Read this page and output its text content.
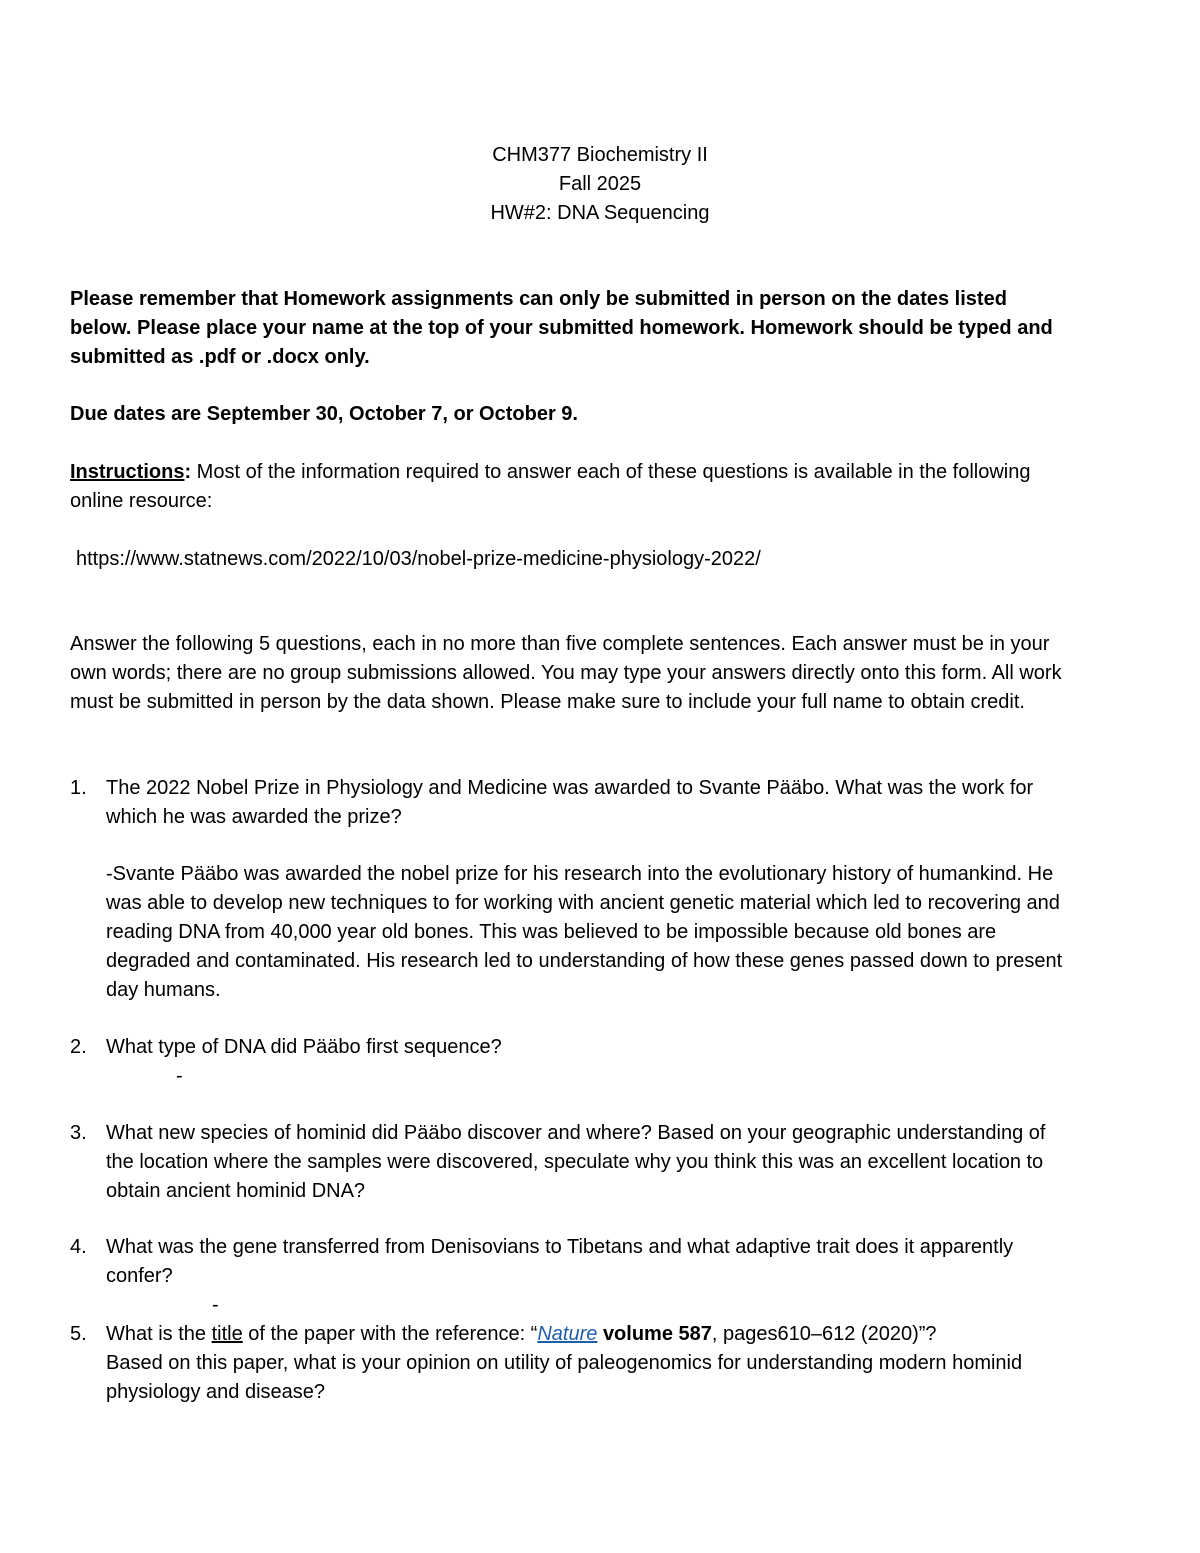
CHM377 Biochemistry II
Fall 2025
HW#2: DNA Sequencing
Please remember that Homework assignments can only be submitted in person on the dates listed below. Please place your name at the top of your submitted homework. Homework should be typed and submitted as .pdf or .docx only.
Due dates are September 30, October 7, or October 9.
Instructions: Most of the information required to answer each of these questions is available in the following online resource:
https://www.statnews.com/2022/10/03/nobel-prize-medicine-physiology-2022/
Answer the following 5 questions, each in no more than five complete sentences. Each answer must be in your own words; there are no group submissions allowed. You may type your answers directly onto this form. All work must be submitted in person by the data shown. Please make sure to include your full name to obtain credit.
1. The 2022 Nobel Prize in Physiology and Medicine was awarded to Svante Pääbo. What was the work for which he was awarded the prize?
-Svante Pääbo was awarded the nobel prize for his research into the evolutionary history of humankind. He was able to develop new techniques to for working with ancient genetic material which led to recovering and reading DNA from 40,000 year old bones. This was believed to be impossible because old bones are degraded and contaminated. His research led to understanding of how these genes passed down to present day humans.
2. What type of DNA did Pääbo first sequence?
-
3. What new species of hominid did Pääbo discover and where? Based on your geographic understanding of the location where the samples were discovered, speculate why you think this was an excellent location to obtain ancient hominid DNA?
4. What was the gene transferred from Denisovians to Tibetans and what adaptive trait does it apparently confer?
-
5. What is the title of the paper with the reference: “Nature volume 587, pages610–612 (2020)”?
Based on this paper, what is your opinion on utility of paleogenomics for understanding modern hominid physiology and disease?
